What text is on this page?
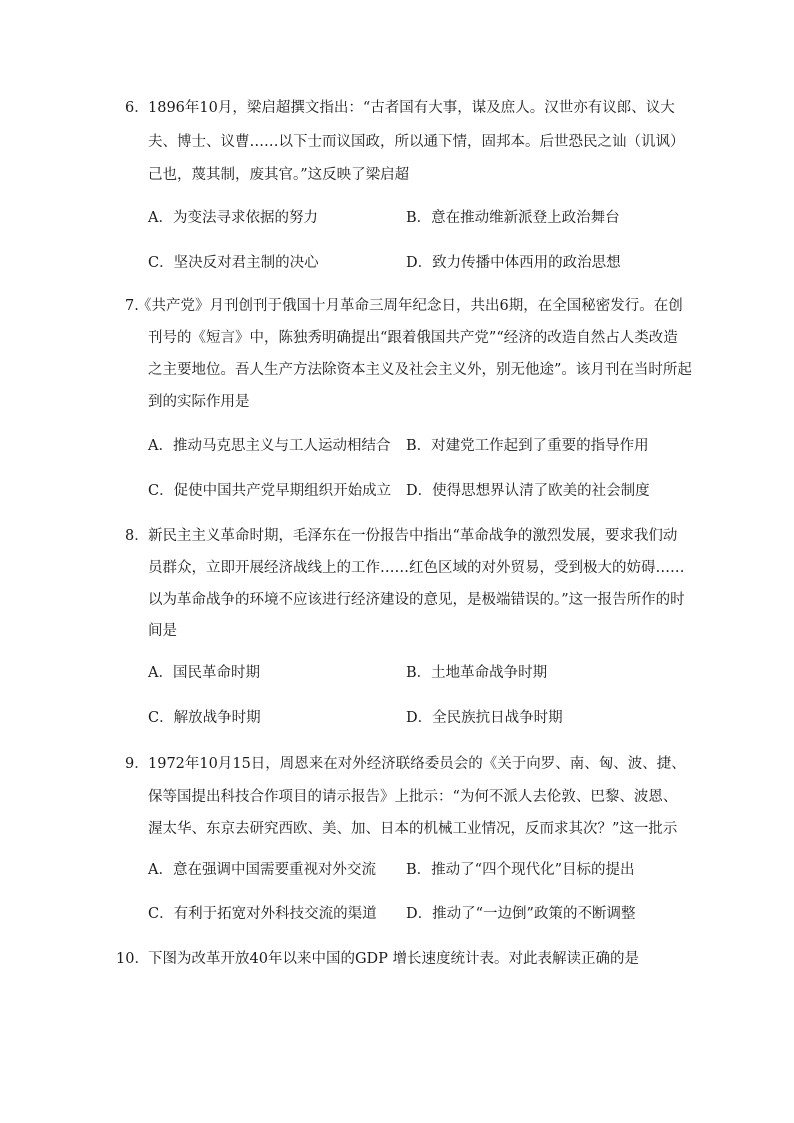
6． 1896年10月，梁启超撰文指出：“古者国有大事，谋及庶人。汉世亦有议郎、议大
夫、博士、议曹……以下士而议国政，所以通下情，固邦本。后世恐民之讪（讥讽）
己也，蔑其制，废其官。”这反映了梁启超
A．为变法寻求依据的努力	B．意在推动维新派登上政治舞台
C．坚决反对君主制的决心	D．致力传播中体西用的政治思想
7.
《共产党》月刊创刊于俄国十月革命三周年纪念日，共出6期，在全国秘密发行。在创
刊号的《短言》中，陈独秀明确提出“跟着俄国共产党”“经济的改造自然占人类改造
之主要地位。吾人生产方法除资本主义及社会主义外，别无他途”。该月刊在当时所起
到的实际作用是
A．推动马克思主义与工人运动相结合 B．对建党工作起到了重要的指导作用
C．促使中国共产党早期组织开始成立 D．使得思想界认清了欧美的社会制度
8． 新民主主义革命时期，毛泽东在一份报告中指出“革命战争的激烈发展，要求我们动
员群众，立即开展经济战线上的工作……红色区域的对外贸易，受到极大的妨碍……
以为革命战争的环境不应该进行经济建设的意见，是极端错误的。”这一报告所作的时
间是
A．国民革命时期	B．土地革命战争时期
C．解放战争时期	D．全民族抗日战争时期
9． 1972年10月15日，周恩来在对外经济联络委员会的《关于向罗、南、匈、波、捷、
保等国提出科技合作项目的请示报告》上批示：“为何不派人去伦敦、巴黎、波恩、
渥太华、东京去研究西欧、美、加、日本的机械工业情况，反而求其次？”这一批示
A．意在强调中国需要重视对外交流 B．推动了“四个现代化”目标的提出
C．有利于拓宽对外科技交流的渠道 D．推动了“一边倒”政策的不断调整
10． 下图为改革开放40年以来中国的GDP 增长速度统计表。对此表解读正确的是
